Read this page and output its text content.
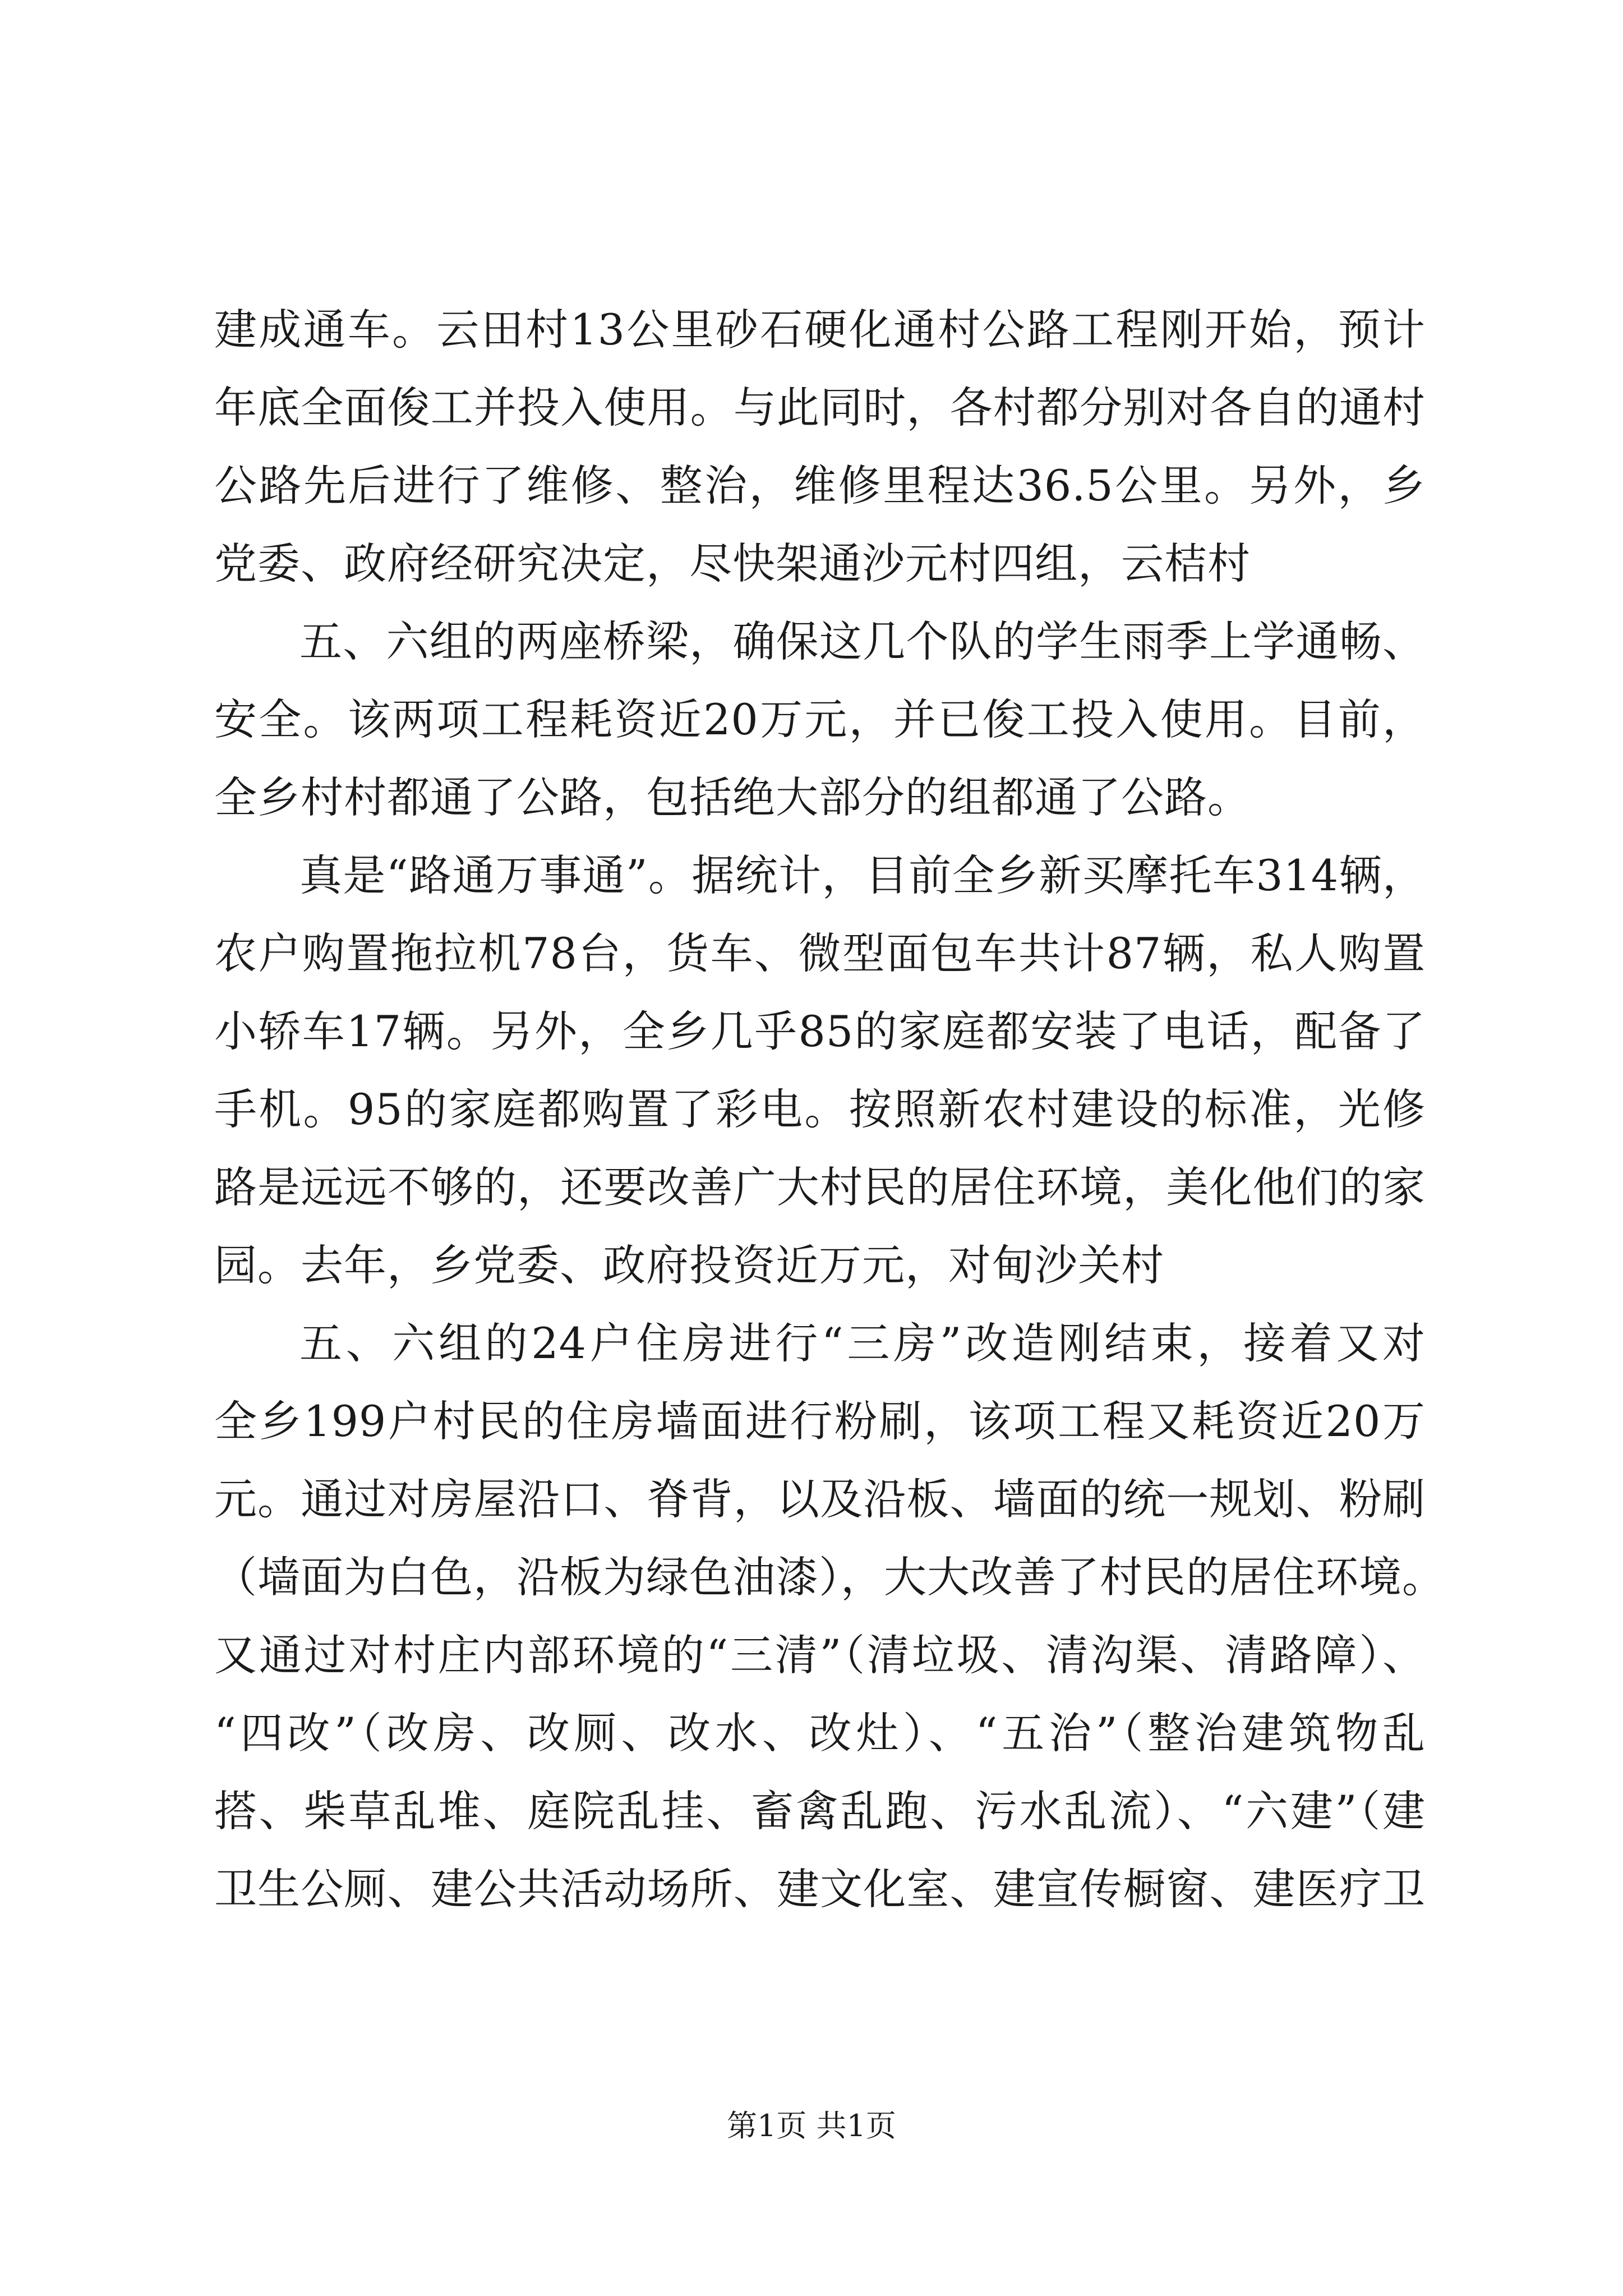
建成通车。云田村13公里砂石硬化通村公路工程刚开始，预计
年底全面俊工并投入使用。与此同时，各村都分别对各自的通村
公路先后进行了维修、整治，维修里程达36.5公里。另外，乡
党委、政府经研究决定，尽快架通沙元村四组，云桔村
五、六组的两座桥梁，确保这几个队的学生雨季上学通畅、
安全。该两项工程耗资近20万元，并已俊工投入使用。目前，
全乡村村都通了公路，包括绝大部分的组都通了公路。
真是“路通万事通”。据统计，目前全乡新买摩托车314辆，
农户购置拖拉机78台，货车、微型面包车共计87辆，私人购置
小轿车17辆。另外，全乡几乎85的家庭都安装了电话，配备了
手机。95的家庭都购置了彩电。按照新农村建设的标准，光修
路是远远不够的，还要改善广大村民的居住环境，美化他们的家
园。去年，乡党委、政府投资近万元，对甸沙关村
五、六组的24户住房进行“三房”改造刚结束，接着又对
全乡199户村民的住房墙面进行粉刷，该项工程又耗资近20万
元。通过对房屋沿口、脊背，以及沿板、墙面的统一规划、粉刷
（墙面为白色，沿板为绿色油漆），大大改善了村民的居住环境。
又通过对村庄内部环境的“三清”（清垃圾、清沟渠、清路障）、
“四改”（改房、改厕、改水、改灶）、“五治”（整治建筑物乱
搭、柴草乱堆、庭院乱挂、畜禽乱跑、污水乱流）、“六建”（建
卫生公厕、建公共活动场所、建文化室、建宣传橱窗、建医疗卫
第1页 共1页
